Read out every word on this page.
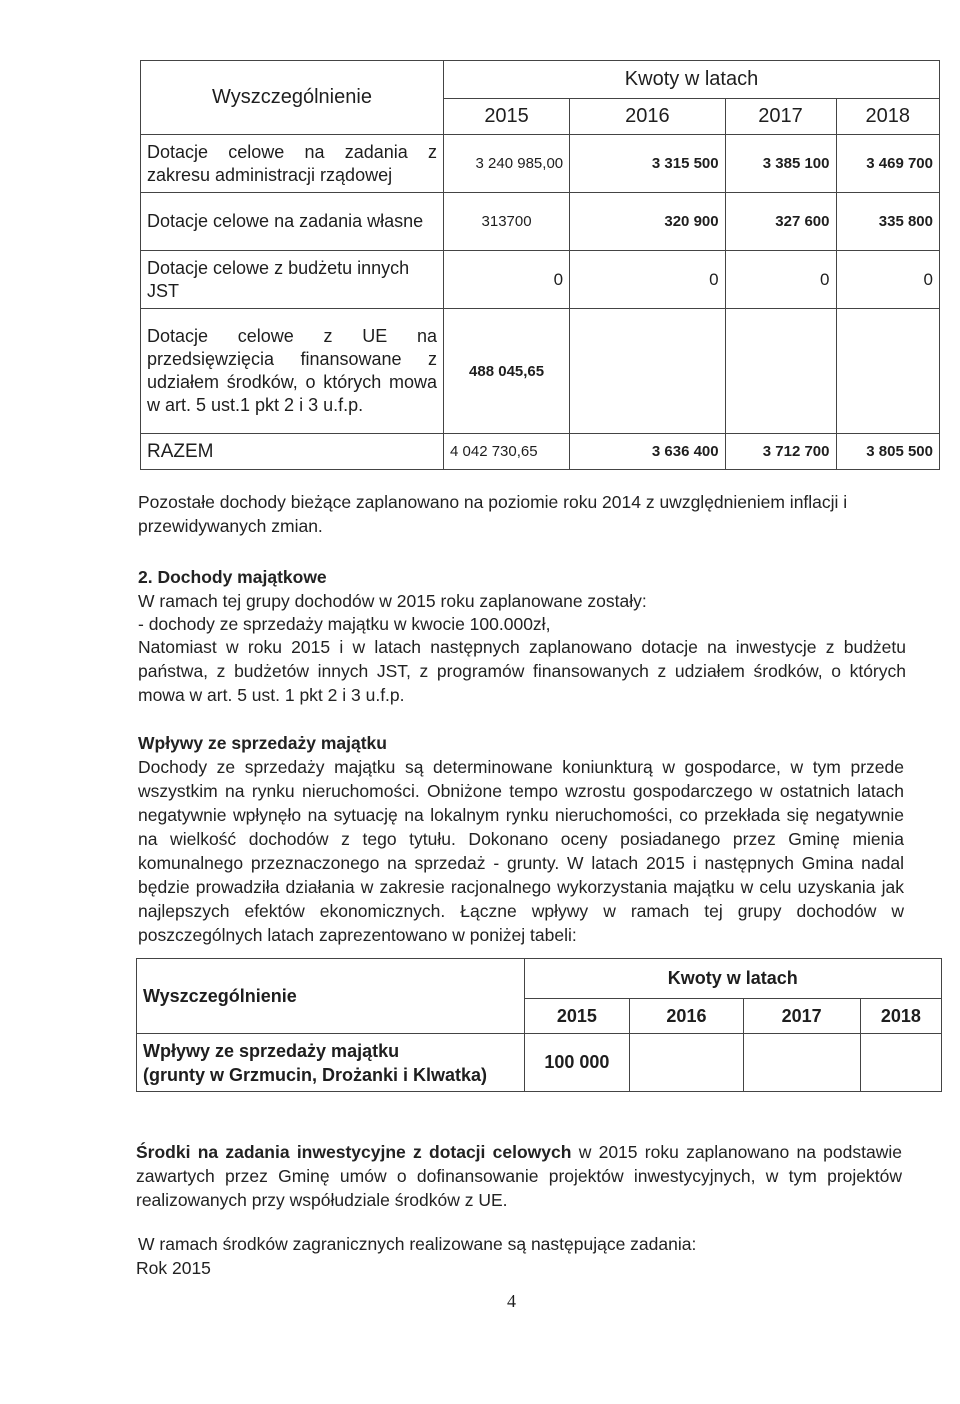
Wyszczególnienie	Kwoty w latach			
	2015	2016	2017	2018
Dotacje celowe na zadania z zakresu administracji rządowej	3 240 985,00	3 315 500	3 385 100	3 469 700
Dotacje celowe na zadania własne	313700	320 900	327 600	335 800
Dotacje celowe z budżetu innych JST	0	0	0	0
Dotacje celowe z UE na przedsięwzięcia finansowane z udziałem środków, o których mowa w art. 5 ust.1 pkt 2 i 3 u.f.p.	488 045,65			
RAZEM	4 042 730,65	3 636 400	3 712 700	3 805 500
Pozostałe dochody bieżące zaplanowano na poziomie roku 2014 z uwzględnieniem inflacji i przewidywanych zmian.
2. Dochody majątkowe
W ramach tej grupy dochodów w 2015 roku zaplanowane zostały:
- dochody ze sprzedaży majątku w kwocie 100.000zł,
Natomiast w roku 2015 i w latach następnych zaplanowano dotacje na inwestycje z budżetu państwa, z budżetów innych JST, z programów finansowanych z udziałem środków, o których mowa w art. 5 ust. 1 pkt 2 i 3 u.f.p.
Wpływy ze sprzedaży majątku
Dochody ze sprzedaży majątku są determinowane koniunkturą w gospodarce, w tym przede wszystkim na rynku nieruchomości. Obniżone tempo wzrostu gospodarczego w ostatnich latach negatywnie wpłynęło na sytuację na lokalnym rynku nieruchomości, co przekłada się negatywnie na wielkość dochodów z tego tytułu. Dokonano oceny posiadanego przez Gminę mienia komunalnego przeznaczonego na sprzedaż - grunty. W latach 2015 i następnych Gmina nadal będzie prowadziła działania w zakresie racjonalnego wykorzystania majątku w celu uzyskania jak najlepszych efektów ekonomicznych. Łączne wpływy w ramach tej grupy dochodów w poszczególnych latach zaprezentowano w poniżej tabeli:
Wyszczególnienie	Kwoty w latach			
	2015	2016	2017	2018

Wpływy ze sprzedaży majątku
(grunty w Grzmucin, Drożanki i Klwatka)	100 000			
Środki na zadania inwestycyjne z dotacji celowych w 2015 roku zaplanowano na podstawie zawartych przez Gminę umów o dofinansowanie projektów inwestycyjnych, w tym projektów realizowanych przy współudziale środków z UE.
W ramach środków zagranicznych realizowane są następujące zadania:
Rok 2015
4
